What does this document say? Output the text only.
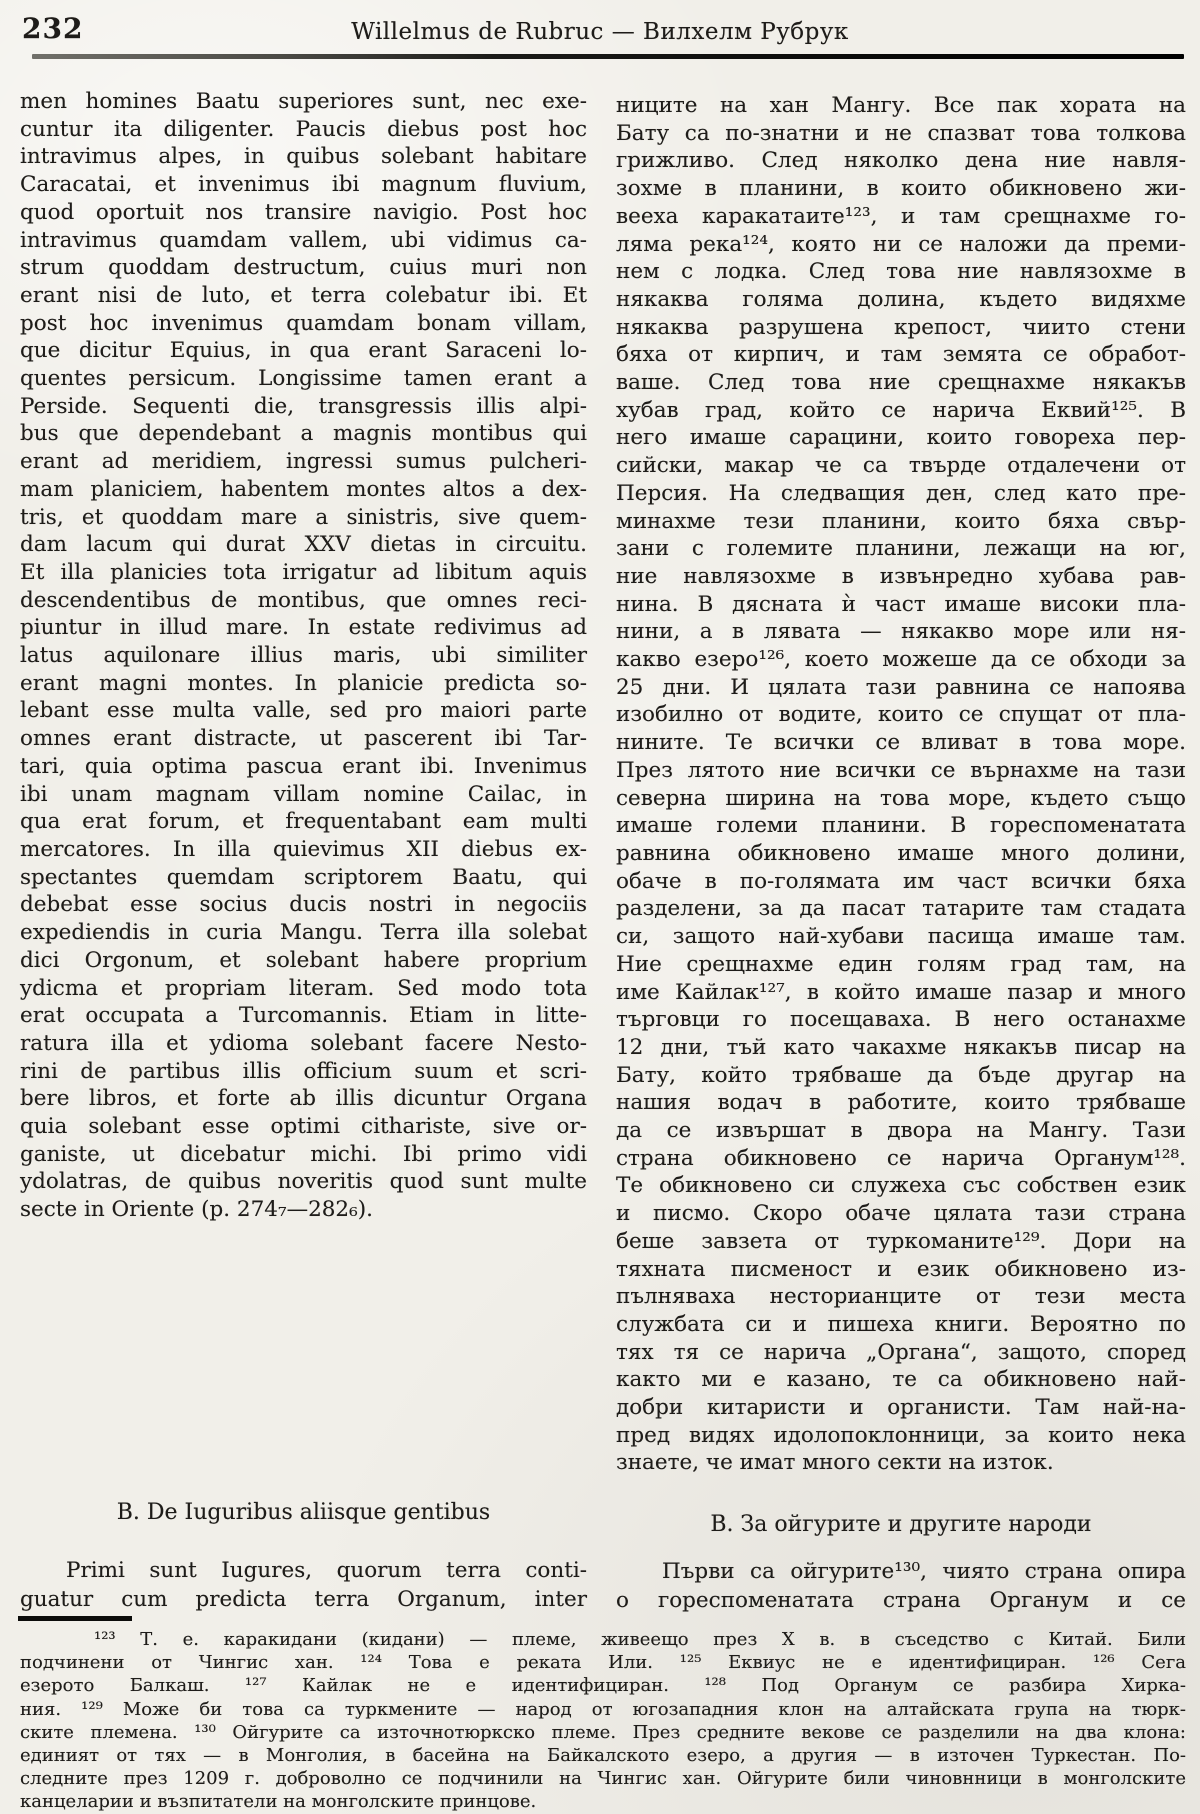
232	Willelmus de Rubruc — Вилхелм Рубрук
men homines Baatu superiores sunt, nec exe-
cuntur ita diligenter. Paucis diebus post hoc
intravimus alpes, in quibus solebant habitare
Caracatai, et invenimus ibi magnum fluvium,
quod oportuit nos transire navigio. Post hoc
intravimus quamdam vallem, ubi vidimus ca-
strum quoddam destructum, cuius muri non
erant nisi de luto, et terra colebatur ibi. Et
post hoc invenimus quamdam bonam villam,
que dicitur Equius, in qua erant Saraceni lo-
quentes persicum. Longissime tamen erant a
Perside. Sequenti die, transgressis illis alpi-
bus que dependebant a magnis montibus qui
erant ad meridiem, ingressi sumus pulcheri-
mam planiciem, habentem montes altos a dex-
tris, et quoddam mare a sinistris, sive quem-
dam lacum qui durat XXV dietas in circuitu.
Et illa planicies tota irrigatur ad libitum aquis
descendentibus de montibus, que omnes reci-
piuntur in illud mare. In estate redivimus ad
latus aquilonare illius maris, ubi similiter
erant magni montes. In planicie predicta so-
lebant esse multa valle, sed pro maiori parte
omnes erant distracte, ut pascerent ibi Tar-
tari, quia optima pascua erant ibi. Invenimus
ibi unam magnam villam nomine Cailac, in
qua erat forum, et frequentabant eam multi
mercatores. In illa quievimus XII diebus ex-
spectantes quemdam scriptorem Baatu, qui
debebat esse socius ducis nostri in negociis
expediendis in curia Mangu. Terra illa solebat
dici Orgonum, et solebant habere proprium
ydicma et propriam literam. Sed modo tota
erat occupata a Turcomannis. Etiam in litte-
ratura illa et ydioma solebant facere Nesto-
rini de partibus illis officium suum et scri-
bere libros, et forte ab illis dicuntur Organa
quia solebant esse optimi cithariste, sive or-
ganiste, ut dicebatur michi. Ibi primo vidi
ydolatras, de quibus noveritis quod sunt multe
secte in Oriente (p. 274₇—282₆).
ниците на хан Мангу. Все пак хората на
Бату са по-знатни и не спазват това толкова
грижливо. След няколко дена ние навля-
зохме в планини, в които обикновено жи-
вееха каракатаите¹²³, и там срещнахме го-
ляма река¹²⁴, която ни се наложи да преми-
нем с лодка. След това ние навлязохме в
някаква голяма долина, където видяхме
някаква разрушена крепост, чиито стени
бяха от кирпич, и там земята се обработ-
ваше. След това ние срещнахме някакъв
хубав град, който се нарича Еквий¹²⁵. В
него имаше сарацини, които говореха пер-
сийски, макар че са твърде отдалечени от
Персия. На следващия ден, след като пре-
минахме тези планини, които бяха свър-
зани с големите планини, лежащи на юг,
ние навлязохме в извънредно хубава рав-
нина. В дясната ѝ част имаше високи пла-
нини, а в лявата — някакво море или ня-
какво езеро¹²⁶, което можеше да се обходи за
25 дни. И цялата тази равнина се напоява
изобилно от водите, които се спущат от пла-
нините. Те всички се вливат в това море.
През лятото ние всички се върнахме на тази
северна ширина на това море, където също
имаше големи планини. В гореспоменатата
равнина обикновено имаше много долини,
обаче в по-голямата им част всички бяха
разделени, за да пасат татарите там стадата
си, защото най-хубави пасища имаше там.
Ние срещнахме един голям град там, на
име Кайлак¹²⁷, в който имаше пазар и много
търговци го посещаваха. В него останахме
12 дни, тъй като чакахме някакъв писар на
Бату, който трябваше да бъде другар на
нашия водач в работите, които трябваше
да се извършат в двора на Мангу. Тази
страна обикновено се нарича Органум¹²⁸.
Те обикновено си служеха със собствен език
и писмо. Скоро обаче цялата тази страна
беше завзета от туркоманите¹²⁹. Дори на
тяхната писменост и език обикновено из-
пълняваха несторианците от тези места
службата си и пишеха книги. Вероятно по
тях тя се нарича „Органа“, защото, според
както ми е казано, те са обикновено най-
добри китаристи и органисти. Там най-на-
пред видях идолопоклонници, за които нека
знаете, че имат много секти на изток.
B. De Iuguribus aliisque gentibus	В. За ойгурите и другите народи
Primi sunt Iugures, quorum terra conti-
guatur cum predicta terra Organum, inter
Първи са ойгурите¹³⁰, чиято страна опира
о гореспоменатата страна Органум и се
¹²³ Т. е. каракидани (кидани) — племе, живеещо през X в. в съседство с Китай. Били
подчинени от Чингис хан. ¹²⁴ Това е реката Или. ¹²⁵ Еквиус не е идентифициран. ¹²⁶ Сега
езерото Балкаш. ¹²⁷ Кайлак не е идентифициран. ¹²⁸ Под Органум се разбира Хирка-
ния. ¹²⁹ Може би това са туркмените — народ от югозападния клон на алтайската група на тюрк-
ските племена. ¹³⁰ Ойгурите са източнотюркско племе. През средните векове се разделили на два клона:
единият от тях — в Монголия, в басейна на Байкалското езеро, а другия — в източен Туркестан. По-
следните през 1209 г. доброволно се подчинили на Чингис хан. Ойгурите били чиновнници в монголските
канцеларии и възпитатели на монголските принцове.
